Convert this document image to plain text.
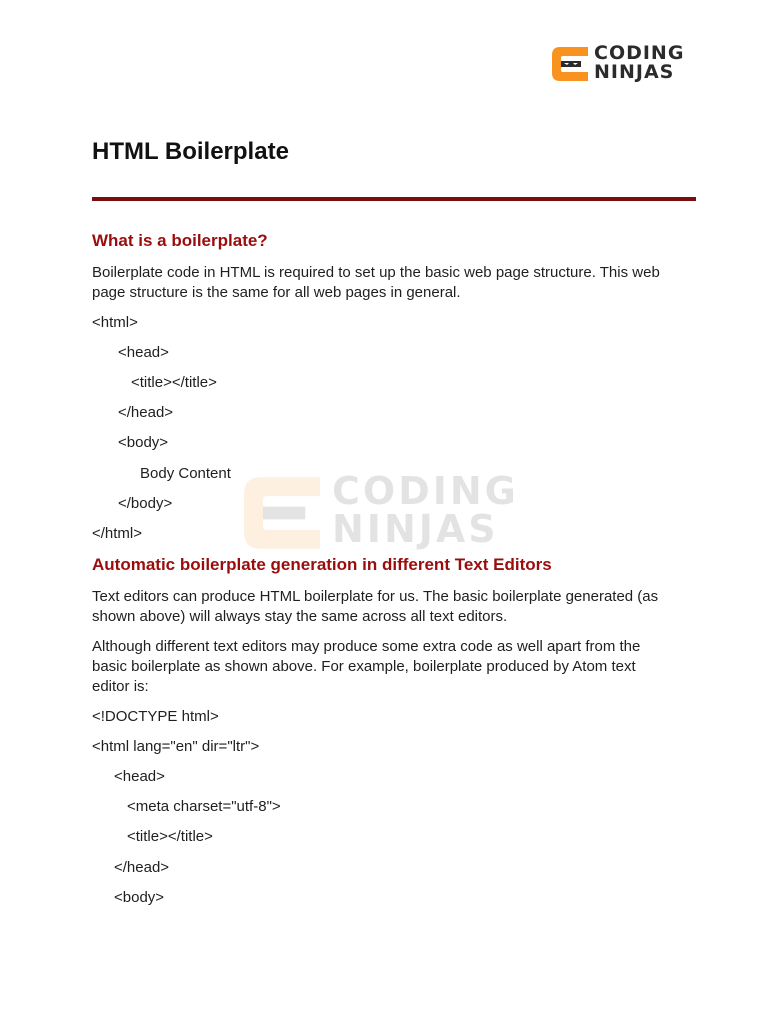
CODING
NINJAS
HTML Boilerplate
CODING
NINJAS
What is a boilerplate?

Boilerplate code in HTML is required to set up the basic web page structure. This web page structure is the same for all web pages in general.

<html>
<head>
<title></title>
</head>
<body>
Body Content
</body>
</html>
Automatic boilerplate generation in different Text Editors

Text editors can produce HTML boilerplate for us. The basic boilerplate generated (as shown above) will always stay the same across all text editors.

Although different text editors may produce some extra code as well apart from the basic boilerplate as shown above. For example, boilerplate produced by Atom text editor is:

<!DOCTYPE html>
<html lang="en" dir="ltr">
<head>
<meta charset="utf-8">
<title></title>
</head>
<body>
